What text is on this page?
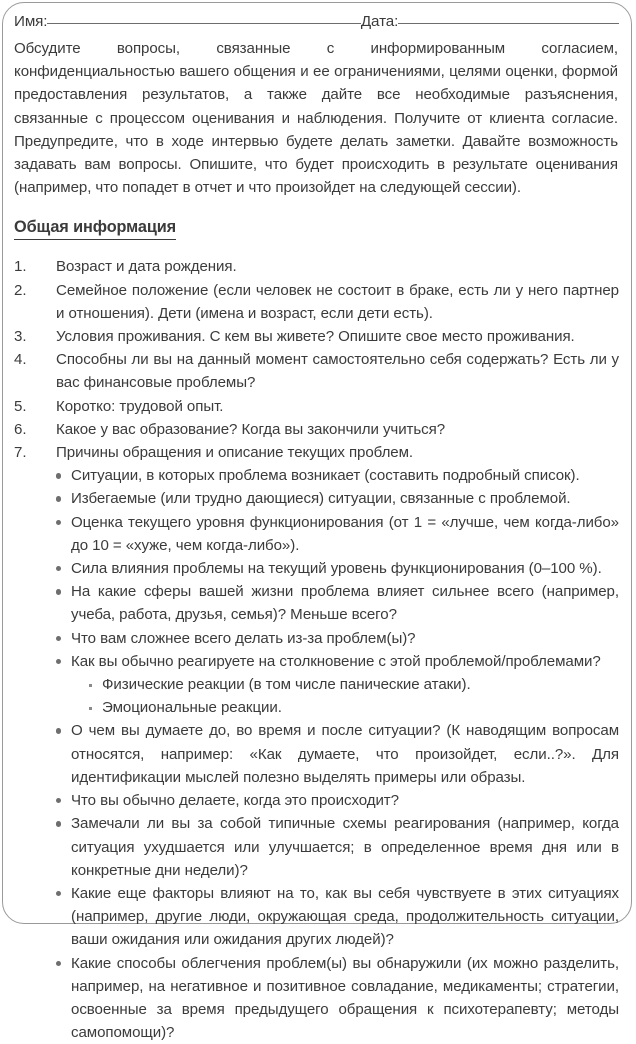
Имя:	Дата:

Обсудите вопросы, связанные с информированным согласием, конфиденциальностью вашего общения и ее ограничениями, целями оценки, формой предоставления результатов, а также дайте все необходимые разъяснения, связанные с процессом оценивания и наблюдения. Получите от клиента согласие. Предупредите, что в ходе интервью будете делать заметки. Давайте возможность задавать вам вопросы. Опишите, что будет происходить в результате оценивания (например, что попадет в отчет и что произойдет на следующей сессии).

Общая информация
1.	Возраст и дата рождения.
2.	Семейное положение (если человек не состоит в браке, есть ли у него партнер и отношения). Дети (имена и возраст, если дети есть).
3.	Условия проживания. С кем вы живете? Опишите свое место проживания.
4.	Способны ли вы на данный момент самостоятельно себя содержать? Есть ли у вас финансовые проблемы?
5.	Коротко: трудовой опыт.
6.	Какое у вас образование? Когда вы закончили учиться?
7.	Причины обращения и описание текущих проблем.
Ситуации, в которых проблема возникает (составить подробный список).
Избегаемые (или трудно дающиеся) ситуации, связанные с проблемой.
Оценка текущего уровня функционирования (от 1 = «лучше, чем когда-либо» до 10 = «хуже, чем когда-либо»).
Сила влияния проблемы на текущий уровень функционирования (0–100 %).
На какие сферы вашей жизни проблема влияет сильнее всего (например, учеба, работа, друзья, семья)? Меньше всего?
Что вам сложнее всего делать из-за проблем(ы)?
Как вы обычно реагируете на столкновение с этой проблемой/проблемами?
Физические реакции (в том числе панические атаки).
Эмоциональные реакции.
О чем вы думаете до, во время и после ситуации? (К наводящим вопросам относятся, например: «Как думаете, что произойдет, если..?». Для идентификации мыслей полезно выделять примеры или образы.
Что вы обычно делаете, когда это происходит?
Замечали ли вы за собой типичные схемы реагирования (например, когда ситуация ухудшается или улучшается; в определенное время дня или в конкретные дни недели)?
Какие еще факторы влияют на то, как вы себя чувствуете в этих ситуациях (например, другие люди, окружающая среда, продолжительность ситуации, ваши ожидания или ожидания других людей)?
Какие способы облегчения проблем(ы) вы обнаружили (их можно разделить, например, на негативное и позитивное совладание, медикаменты; стратегии, освоенные за время предыдущего обращения к психотерапевту; методы самопомощи)?
